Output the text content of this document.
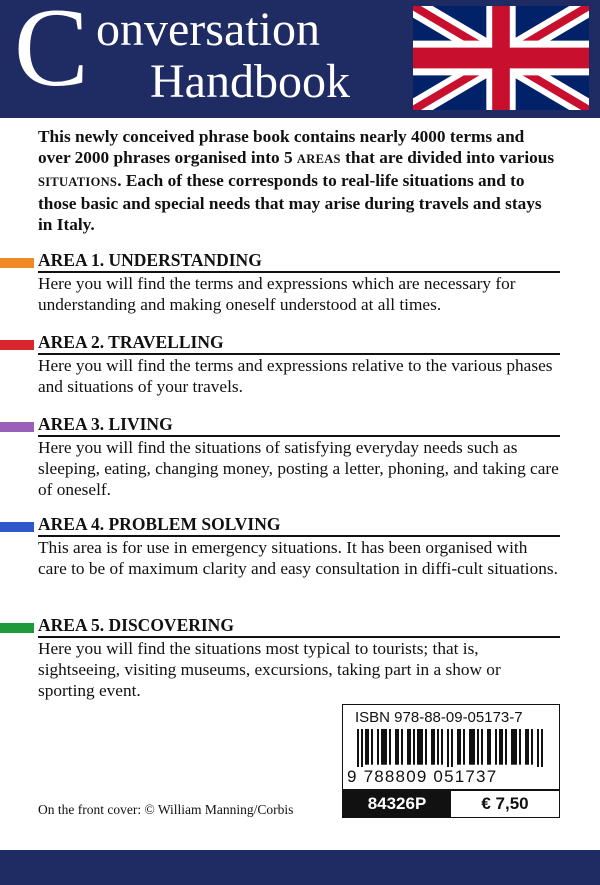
C onversation
Handbook
This newly conceived phrase book contains nearly 4000 terms and over 2000 phrases organised into 5 AREAS that are divided into various SITUATIONS. Each of these corresponds to real-life situations and to those basic and special needs that may arise during travels and stays in Italy.
AREA 1. UNDERSTANDING
Here you will find the terms and expressions which are necessary for understanding and making oneself understood at all times.
AREA 2. TRAVELLING
Here you will find the terms and expressions relative to the various phases and situations of your travels.
AREA 3. LIVING
Here you will find the situations of satisfying everyday needs such as sleeping, eating, changing money, posting a letter, phoning, and taking care of oneself.
AREA 4. PROBLEM SOLVING
This area is for use in emergency situations. It has been organised with care to be of maximum clarity and easy consultation in diffi-cult situations.
AREA 5. DISCOVERING
Here you will find the situations most typical to tourists; that is, sightseeing, visiting museums, excursions, taking part in a show or sporting event.
ISBN 978-88-09-05173-7
9 788809 051737
84326P	€ 7,50
On the front cover: © William Manning/Corbis
